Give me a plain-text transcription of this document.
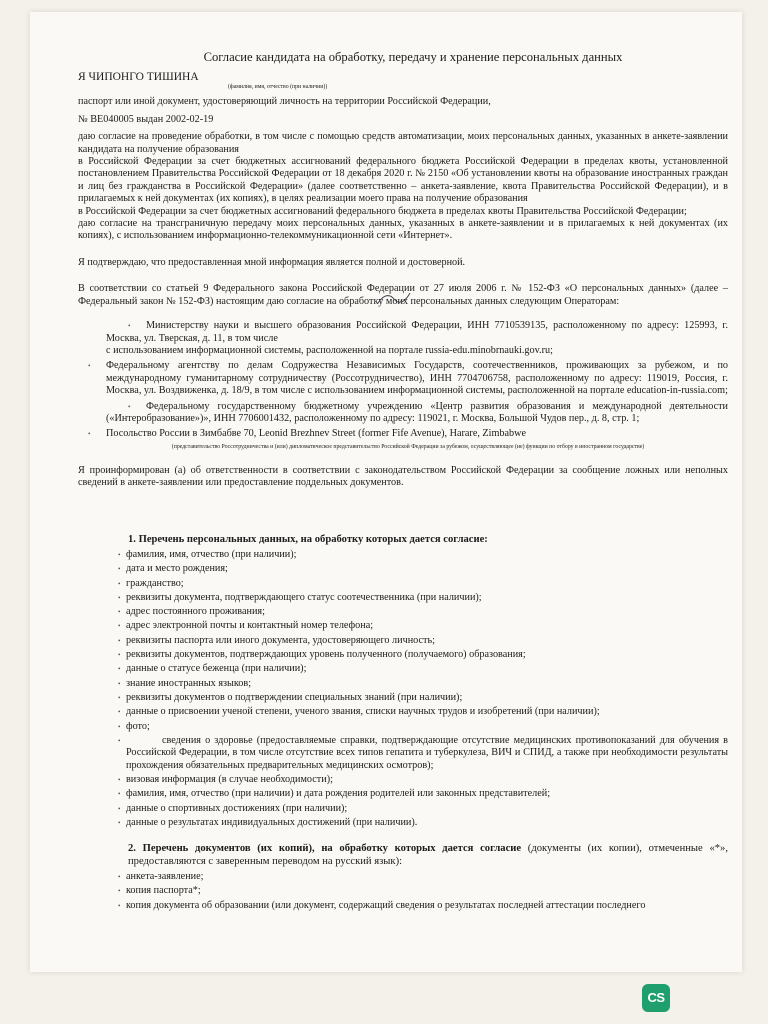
Согласие кандидата на обработку, передачу и хранение персональных данных
Я ЧИПОНГО ТИШИНА
(фамилия, имя, отчество (при наличии))

паспорт или иной документ, удостоверяющий личность на территории Российской Федерации,

№ BE040005 выдан 2002-02-19

даю согласие на проведение обработки, в том числе с помощью средств автоматизации, моих персональных данных, указанных в анкете-заявлении кандидата на получение образования

в Российской Федерации за счет бюджетных ассигнований федерального бюджета Российской Федерации в пределах квоты, установленной постановлением Правительства Российской Федерации от 18 декабря 2020 г. № 2150 «Об установлении квоты на образование иностранных граждан и лиц без гражданства в Российской Федерации» (далее соответственно – анкета-заявление, квота Правительства Российской Федерации), и в прилагаемых к ней документах (их копиях), в целях реализации моего права на получение образования

в Российской Федерации за счет бюджетных ассигнований федерального бюджета в пределах квоты Правительства Российской Федерации;

даю согласие на трансграничную передачу моих персональных данных, указанных в анкете-заявлении и в прилагаемых к ней документах (их копиях), с использованием информационно-телекоммуникационной сети «Интернет».

Я подтверждаю, что предоставленная мной информация является полной и достоверной.

В соответствии со статьей 9 Федерального закона Российской Федерации от 27 июля 2006 г. № 152-ФЗ «О персональных данных» (далее – Федеральный закон № 152-ФЗ) настоящим даю согласие на обработку моих персональных данных следующим Операторам:

• Министерству науки и высшего образования Российской Федерации, ИНН 7710539135, расположенному по адресу: 125993, г. Москва, ул. Тверская, д. 11, в том числе
с использованием информационной системы, расположенной на портале russia-edu.minobrnauki.gov.ru;
• Федеральному агентству по делам Содружества Независимых Государств, соотечественников, проживающих за рубежом, и по международному гуманитарному сотрудничеству (Россотрудничество), ИНН 7704706758, расположенному по адресу: 119019, Россия, г. Москва, ул. Воздвиженка, д. 18/9, в том числе с использованием информационной системы, расположенной на портале education-in-russia.com;
• Федеральному государственному бюджетному учреждению «Центр развития образования и международной деятельности («Интеробразование»)», ИНН 7706001432, расположенному по адресу: 119021, г. Москва, Большой Чудов пер., д. 8, стр. 1;
• Посольство России в Зимбабве 70, Leonid Brezhnev Street (former Fife Avenue), Harare, Zimbabwe
(представительство Россотрудничества и (или) дипломатическое представительство Российской Федерации за рубежом, осуществляющее (ие) функции по отбору в иностранном государстве)

Я проинформирован (а) об ответственности в соответствии с законодательством Российской Федерации за сообщение ложных или неполных сведений в анкете-заявлении или предоставление поддельных документов.

1. Перечень персональных данных, на обработку которых дается согласие:
• фамилия, имя, отчество (при наличии);
• дата и место рождения;
• гражданство;
• реквизиты документа, подтверждающего статус соотечественника (при наличии);
• адрес постоянного проживания;
• адрес электронной почты и контактный номер телефона;
• реквизиты паспорта или иного документа, удостоверяющего личность;
• реквизиты документов, подтверждающих уровень полученного (получаемого) образования;
• данные о статусе беженца (при наличии);
• знание иностранных языков;
• реквизиты документов о подтверждении специальных знаний (при наличии);
• данные о присвоении ученой степени, ученого звания, списки научных трудов и изобретений (при наличии);
• фото;
•	сведения о здоровье (предоставляемые справки, подтверждающие отсутствие медицинских противопоказаний для обучения в Российской Федерации, в том числе отсутствие всех типов гепатита и туберкулеза, ВИЧ и СПИД, а также при необходимости результаты прохождения обязательных предварительных медицинских осмотров);
• визовая информация (в случае необходимости);
• фамилия, имя, отчество (при наличии) и дата рождения родителей или законных представителей;
• данные о спортивных достижениях (при наличии);
• данные о результатах индивидуальных достижений (при наличии).
2. Перечень документов (их копий), на обработку которых дается согласие (документы (их копии), отмеченные «*», предоставляются с заверенным переводом на русский язык):
• анкета-заявление;
• копия паспорта*;
• копия документа об образовании (или документ, содержащий сведения о результатах последней аттестации последнего
CS
